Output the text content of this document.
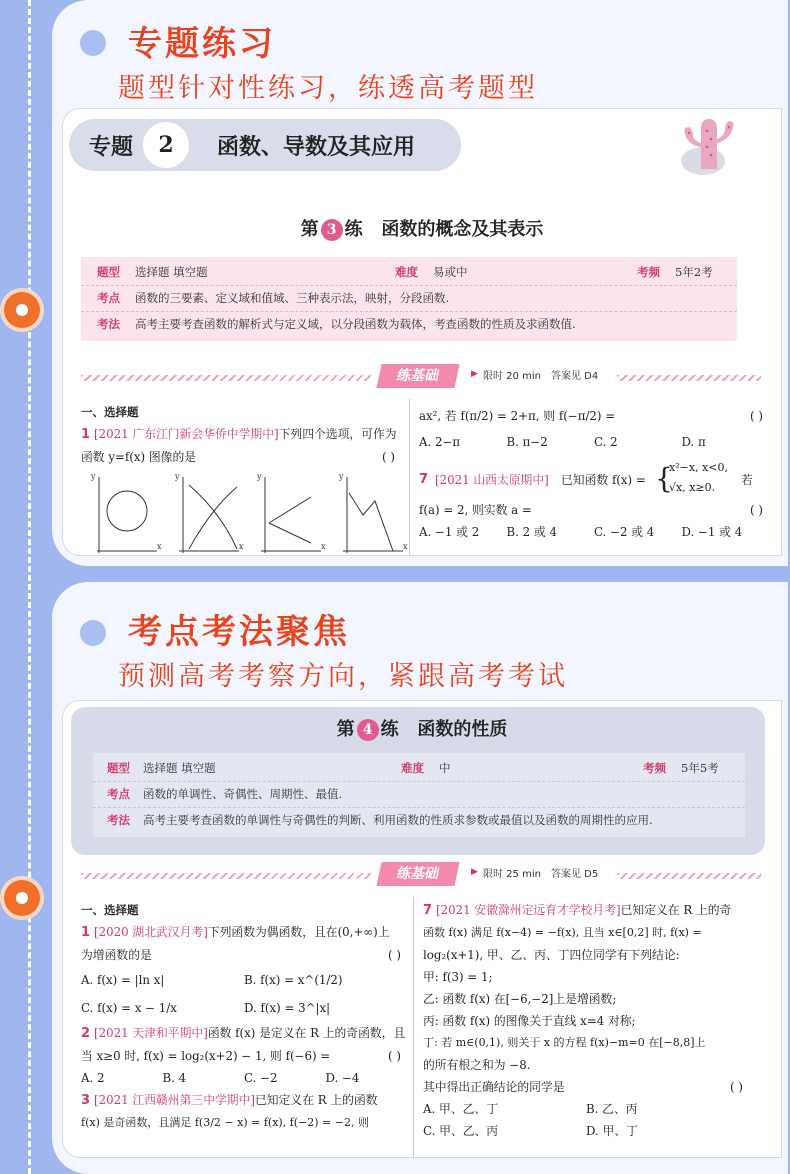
专题练习
题型针对性练习，练透高考题型
专题	2	函数、导数及其应用
第 3 练 函数的概念及其表示
题型 选择题 填空题	难度 易或中	考频 5年2考
考点 函数的三要素、定义域和值域、三种表示法，映射，分段函数.
考法 高考主要考查函数的解析式与定义域，以分段函数为载体，考查函数的性质及求函数值.
练基础	▶ 限时 20 min 答案见 D4
一、选择题
1 [2021 广东江门新会华侨中学期中]下列四个选项，可作为
函数 y=f(x) 图像的是	( )
y	y	y	y
x	x	x	x
ax², 若 f(π/2) = 2+π, 则 f(−π/2) =	( )
A. 2−π	B. π−2	C. 2	D. π
7 [2021 山西太原期中] 已知函数 f(x) = {
x²−x, x<0,
√x, x≥0.
若
f(a) = 2, 则实数 a =	( )
A. −1 或 2	B. 2 或 4	C. −2 或 4	D. −1 或 4
考点考法聚焦
预测高考考察方向，紧跟高考考试
第 4 练 函数的性质
题型 选择题 填空题	难度 中	考频 5年5考
考点 函数的单调性、奇偶性、周期性、最值.
考法 高考主要考查函数的单调性与奇偶性的判断、利用函数的性质求参数或最值以及函数的周期性的应用.
练基础	▶ 限时 25 min 答案见 D5
一、选择题
1 [2020 湖北武汉月考]下列函数为偶函数，且在(0,+∞)上
为增函数的是	( )
A. f(x) = |ln x|	B. f(x) = x^(1/2)
C. f(x) = x − 1/x	D. f(x) = 3^|x|
2 [2021 天津和平期中]函数 f(x) 是定义在 R 上的奇函数，且
当 x≥0 时, f(x) = log₂(x+2) − 1, 则 f(−6) =	( )
A. 2	B. 4	C. −2	D. −4
3 [2021 江西赣州第三中学期中]已知定义在 R 上的函数
f(x) 是奇函数，且满足 f(3/2 − x) = f(x), f(−2) = −2, 则
7 [2021 安徽滁州定远育才学校月考]已知定义在 R 上的奇
函数 f(x) 满足 f(x−4) = −f(x), 且当 x∈[0,2] 时, f(x) =
log₂(x+1), 甲、乙、丙、丁四位同学有下列结论:
甲: f(3) = 1;
乙: 函数 f(x) 在[−6,−2]上是增函数;
丙: 函数 f(x) 的图像关于直线 x=4 对称;
丁: 若 m∈(0,1), 则关于 x 的方程 f(x)−m=0 在[−8,8]上
的所有根之和为 −8.
其中得出正确结论的同学是	( )
A. 甲、乙、丁	B. 乙、丙
C. 甲、乙、丙	D. 甲、丁
